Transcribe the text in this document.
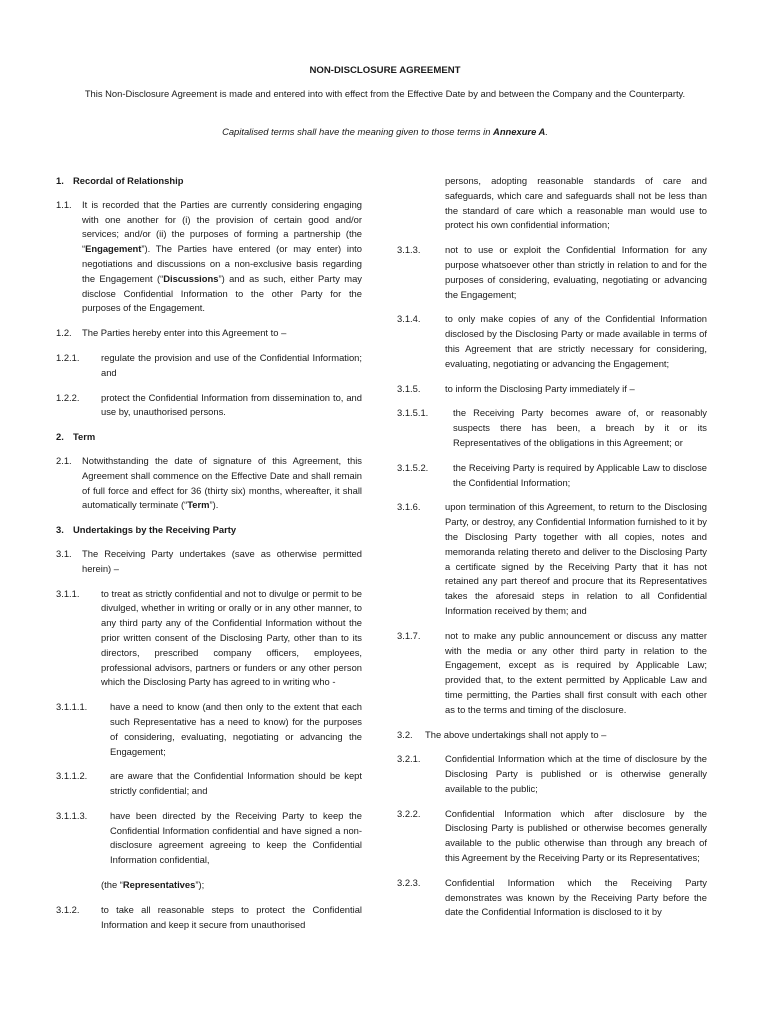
NON-DISCLOSURE AGREEMENT
This Non-Disclosure Agreement is made and entered into with effect from the Effective Date by and between the Company and the Counterparty.
Capitalised terms shall have the meaning given to those terms in Annexure A.
1. Recordal of Relationship
1.1.	It is recorded that the Parties are currently considering engaging with one another for (i) the provision of certain good and/or services; and/or (ii) the purposes of forming a partnership (the “Engagement”). The Parties have entered (or may enter) into negotiations and discussions on a non-exclusive basis regarding the Engagement (“Discussions”) and as such, either Party may disclose Confidential Information to the other Party for the purposes of the Engagement.
1.2.	The Parties hereby enter into this Agreement to –
1.2.1.	regulate the provision and use of the Confidential Information; and
1.2.2.	protect the Confidential Information from dissemination to, and use by, unauthorised persons.
2. Term
2.1.	Notwithstanding the date of signature of this Agreement, this Agreement shall commence on the Effective Date and shall remain of full force and effect for 36 (thirty six) months, whereafter, it shall automatically terminate (“Term”).
3. Undertakings by the Receiving Party
3.1.	The Receiving Party undertakes (save as otherwise permitted herein) –
3.1.1.	to treat as strictly confidential and not to divulge or permit to be divulged, whether in writing or orally or in any other manner, to any third party any of the Confidential Information without the prior written consent of the Disclosing Party, other than to its directors, prescribed company officers, employees, professional advisors, partners or funders or any other person which the Disclosing Party has agreed to in writing who -
3.1.1.1.	have a need to know (and then only to the extent that each such Representative has a need to know) for the purposes of considering, evaluating, negotiating or advancing the Engagement;
3.1.1.2.	are aware that the Confidential Information should be kept strictly confidential; and
3.1.1.3.	have been directed by the Receiving Party to keep the Confidential Information confidential and have signed a non-disclosure agreement agreeing to keep the Confidential Information confidential,
(the “Representatives”);
3.1.2.	to take all reasonable steps to protect the Confidential Information and keep it secure from unauthorised
persons, adopting reasonable standards of care and safeguards, which care and safeguards shall not be less than the standard of care which a reasonable man would use to protect his own confidential information;
3.1.3.	not to use or exploit the Confidential Information for any purpose whatsoever other than strictly in relation to and for the purposes of considering, evaluating, negotiating or advancing the Engagement;
3.1.4.	to only make copies of any of the Confidential Information disclosed by the Disclosing Party or made available in terms of this Agreement that are strictly necessary for considering, evaluating, negotiating or advancing the Engagement;
3.1.5.	to inform the Disclosing Party immediately if –
3.1.5.1.	the Receiving Party becomes aware of, or reasonably suspects there has been, a breach by it or its Representatives of the obligations in this Agreement; or
3.1.5.2.	the Receiving Party is required by Applicable Law to disclose the Confidential Information;
3.1.6.	upon termination of this Agreement, to return to the Disclosing Party, or destroy, any Confidential Information furnished to it by the Disclosing Party together with all copies, notes and memoranda relating thereto and deliver to the Disclosing Party a certificate signed by the Receiving Party that it has not retained any part thereof and procure that its Representatives takes the aforesaid steps in relation to all Confidential Information received by them; and
3.1.7.	not to make any public announcement or discuss any matter with the media or any other third party in relation to the Engagement, except as is required by Applicable Law; provided that, to the extent permitted by Applicable Law and time permitting, the Parties shall first consult with each other as to the terms and timing of the disclosure.
3.2.	The above undertakings shall not apply to –
3.2.1.	Confidential Information which at the time of disclosure by the Disclosing Party is published or is otherwise generally available to the public;
3.2.2.	Confidential Information which after disclosure by the Disclosing Party is published or otherwise becomes generally available to the public otherwise than through any breach of this Agreement by the Receiving Party or its Representatives;
3.2.3.	Confidential Information which the Receiving Party demonstrates was known by the Receiving Party before the date the Confidential Information is disclosed to it by
